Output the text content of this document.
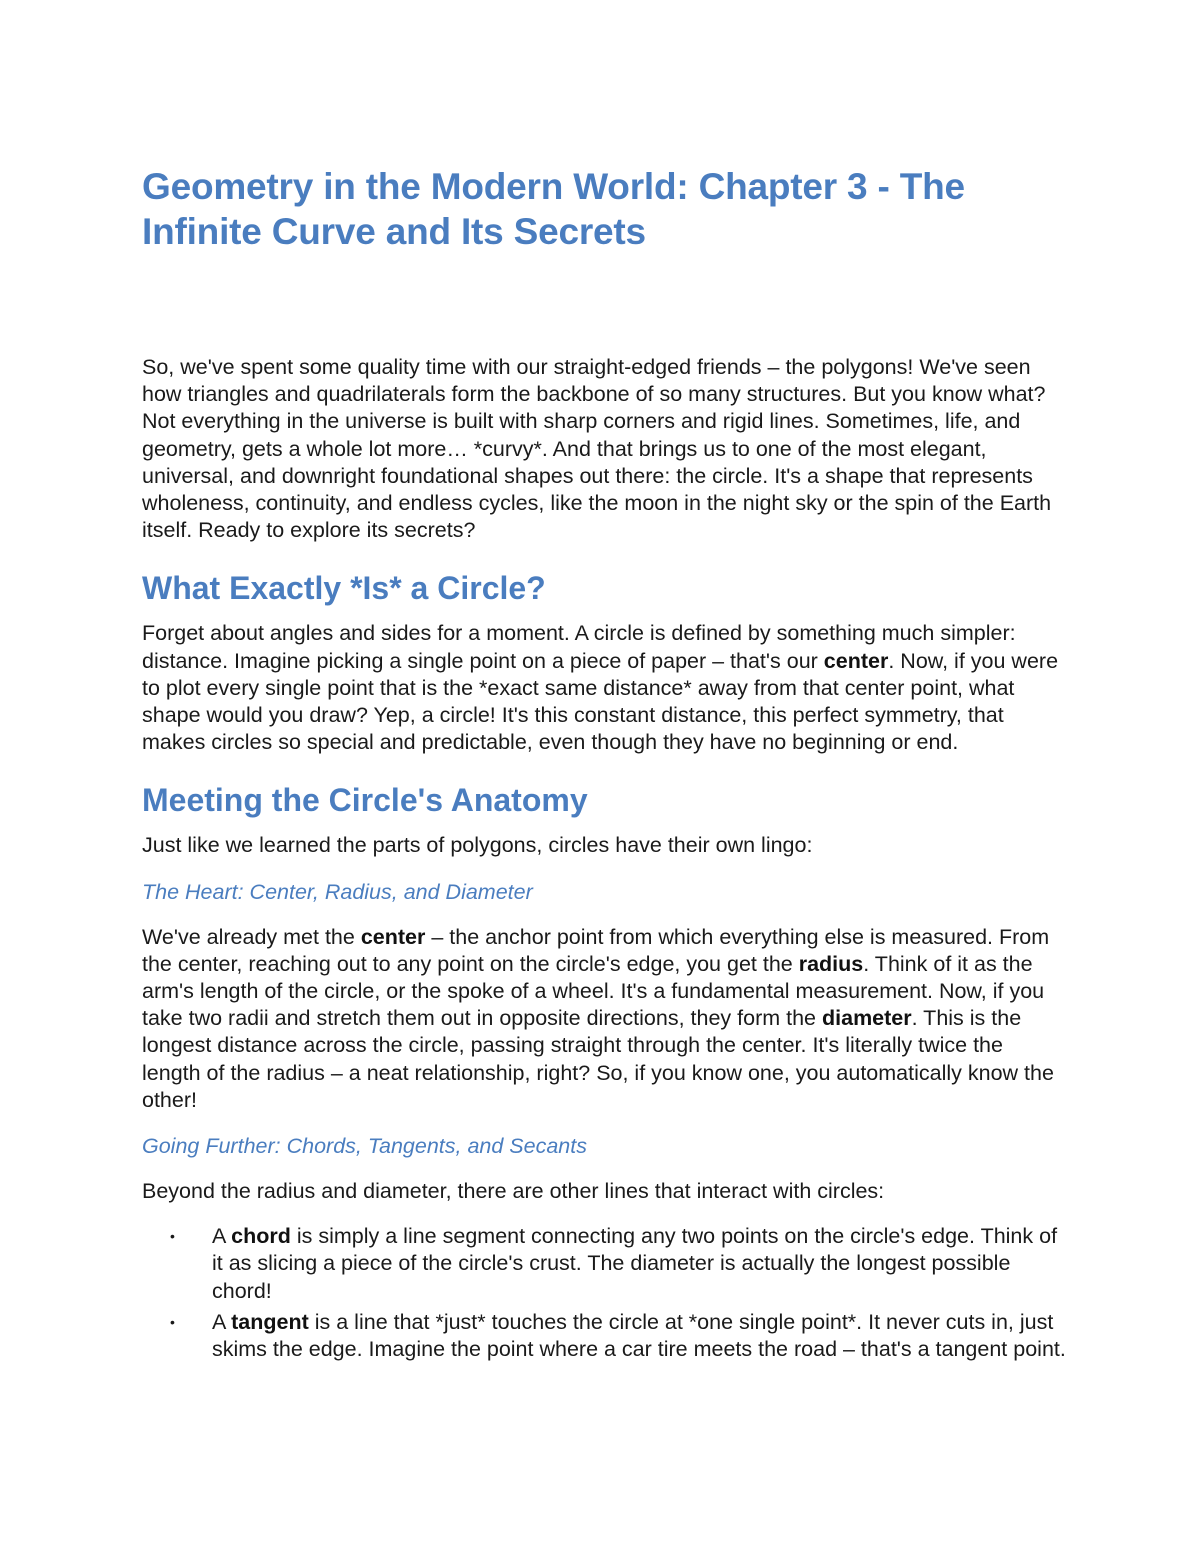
Geometry in the Modern World: Chapter 3 - The Infinite Curve and Its Secrets

So, we've spent some quality time with our straight-edged friends – the polygons! We've seen how triangles and quadrilaterals form the backbone of so many structures. But you know what? Not everything in the universe is built with sharp corners and rigid lines. Sometimes, life, and geometry, gets a whole lot more… *curvy*. And that brings us to one of the most elegant, universal, and downright foundational shapes out there: the circle. It's a shape that represents wholeness, continuity, and endless cycles, like the moon in the night sky or the spin of the Earth itself. Ready to explore its secrets?

What Exactly *Is* a Circle?

Forget about angles and sides for a moment. A circle is defined by something much simpler: distance. Imagine picking a single point on a piece of paper – that's our center. Now, if you were to plot every single point that is the *exact same distance* away from that center point, what shape would you draw? Yep, a circle! It's this constant distance, this perfect symmetry, that makes circles so special and predictable, even though they have no beginning or end.

Meeting the Circle's Anatomy

Just like we learned the parts of polygons, circles have their own lingo:

The Heart: Center, Radius, and Diameter

We've already met the center – the anchor point from which everything else is measured. From the center, reaching out to any point on the circle's edge, you get the radius. Think of it as the arm's length of the circle, or the spoke of a wheel. It's a fundamental measurement. Now, if you take two radii and stretch them out in opposite directions, they form the diameter. This is the longest distance across the circle, passing straight through the center. It's literally twice the length of the radius – a neat relationship, right? So, if you know one, you automatically know the other!

Going Further: Chords, Tangents, and Secants

Beyond the radius and diameter, there are other lines that interact with circles:

• A chord is simply a line segment connecting any two points on the circle's edge. Think of it as slicing a piece of the circle's crust. The diameter is actually the longest possible chord!
• A tangent is a line that *just* touches the circle at *one single point*. It never cuts in, just skims the edge. Imagine the point where a car tire meets the road – that's a tangent point.
